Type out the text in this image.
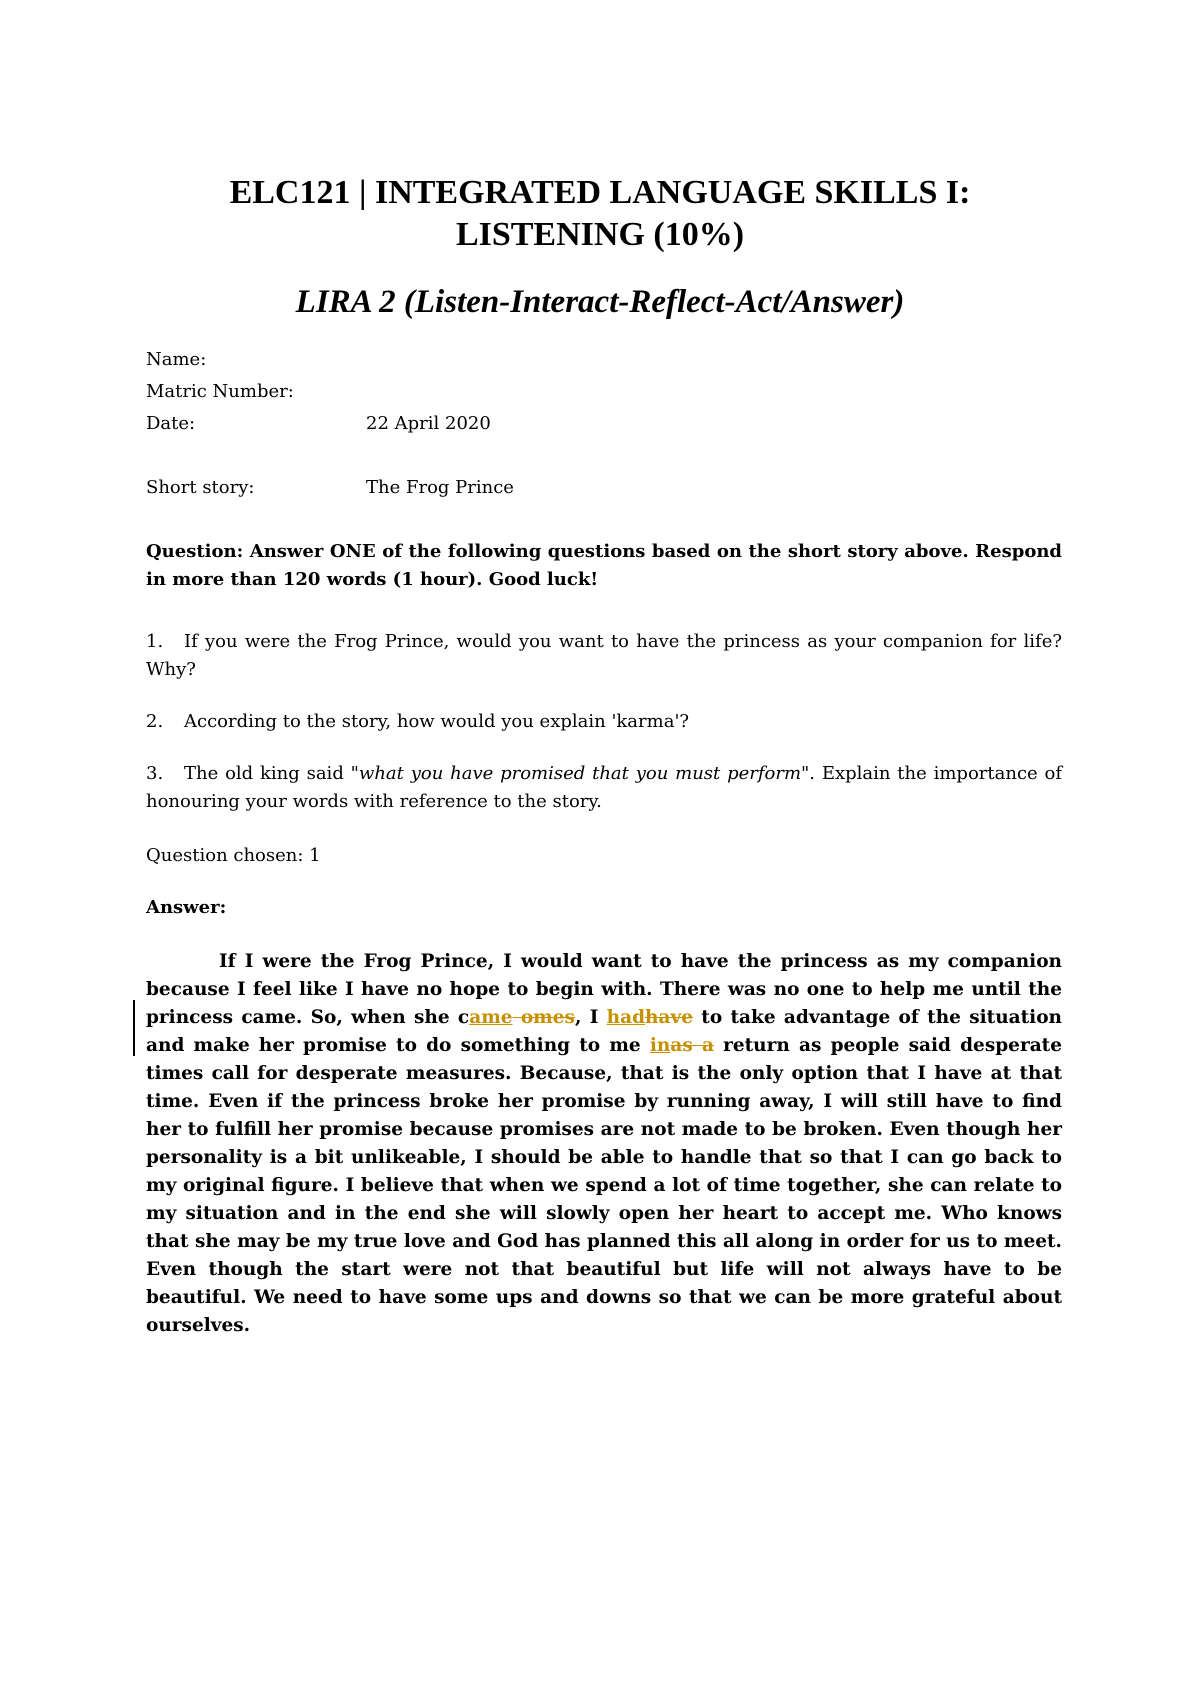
ELC121 | INTEGRATED LANGUAGE SKILLS I:
LISTENING (10%)
LIRA 2 (Listen-Interact-Reflect-Act/Answer)
Name:
Matric Number:
Date:	22 April 2020
Short story:	The Frog Prince

Question: Answer ONE of the following questions based on the short story above. Respond in more than 120 words (1 hour). Good luck!

1. If you were the Frog Prince, would you want to have the princess as your companion for life? Why?

2. According to the story, how would you explain 'karma'?

3. The old king said "what you have promised that you must perform". Explain the importance of honouring your words with reference to the story.

Question chosen: 1

Answer:

If I were the Frog Prince, I would want to have the princess as my companion because I feel like I have no hope to begin with. There was no one to help me until the princess came. So, when she came omes, I hadhave to take advantage of the situation and make her promise to do something to me inas a return as people said desperate times call for desperate measures. Because, that is the only option that I have at that time. Even if the princess broke her promise by running away, I will still have to find her to fulfill her promise because promises are not made to be broken. Even though her personality is a bit unlikeable, I should be able to handle that so that I can go back to my original figure. I believe that when we spend a lot of time together, she can relate to my situation and in the end she will slowly open her heart to accept me. Who knows that she may be my true love and God has planned this all along in order for us to meet. Even though the start were not that beautiful but life will not always have to be beautiful. We need to have some ups and downs so that we can be more grateful about ourselves.
